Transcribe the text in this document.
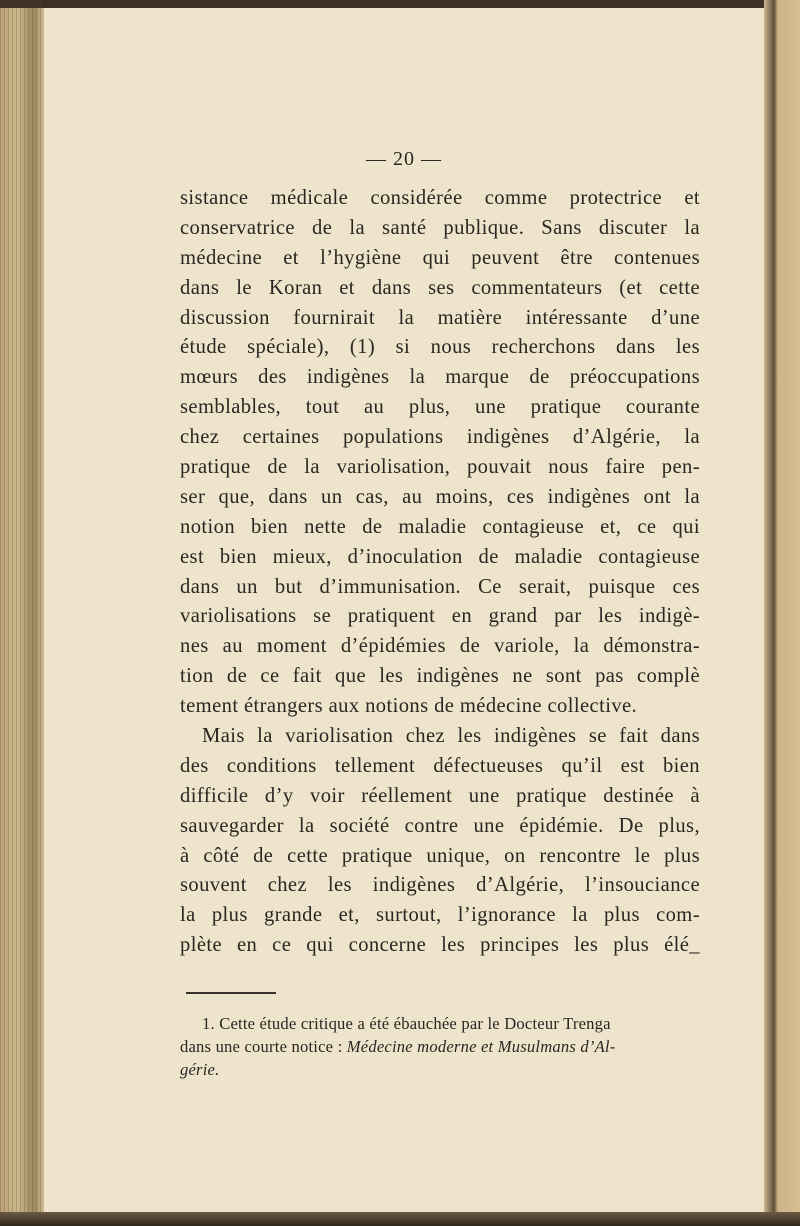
— 20 —
sistance médicale considérée comme protectrice et
conservatrice de la santé publique. Sans discuter la
médecine et l’hygiène qui peuvent être contenues
dans le Koran et dans ses commentateurs (et cette
discussion fournirait la matière intéressante d’une
étude spéciale), (1) si nous recherchons dans les
mœurs des indigènes la marque de préoccupations
semblables, tout au plus, une pratique courante
chez certaines populations indigènes d’Algérie, la
pratique de la variolisation, pouvait nous faire pen-
ser que, dans un cas, au moins, ces indigènes ont la
notion bien nette de maladie contagieuse et, ce qui
est bien mieux, d’inoculation de maladie contagieuse
dans un but d’immunisation. Ce serait, puisque ces
variolisations se pratiquent en grand par les indigè-
nes au moment d’épidémies de variole, la démonstra-
tion de ce fait que les indigènes ne sont pas complè
tement étrangers aux notions de médecine collective.
Mais la variolisation chez les indigènes se fait dans
des conditions tellement défectueuses qu’il est bien
difficile d’y voir réellement une pratique destinée à
sauvegarder la société contre une épidémie. De plus,
à côté de cette pratique unique, on rencontre le plus
souvent chez les indigènes d’Algérie, l’insouciance
la plus grande et, surtout, l’ignorance la plus com-
plète en ce qui concerne les principes les plus élé_
1. Cette étude critique a été ébauchée par le Docteur Trenga
dans une courte notice : Médecine moderne et Musulmans d’Al-
gérie.
